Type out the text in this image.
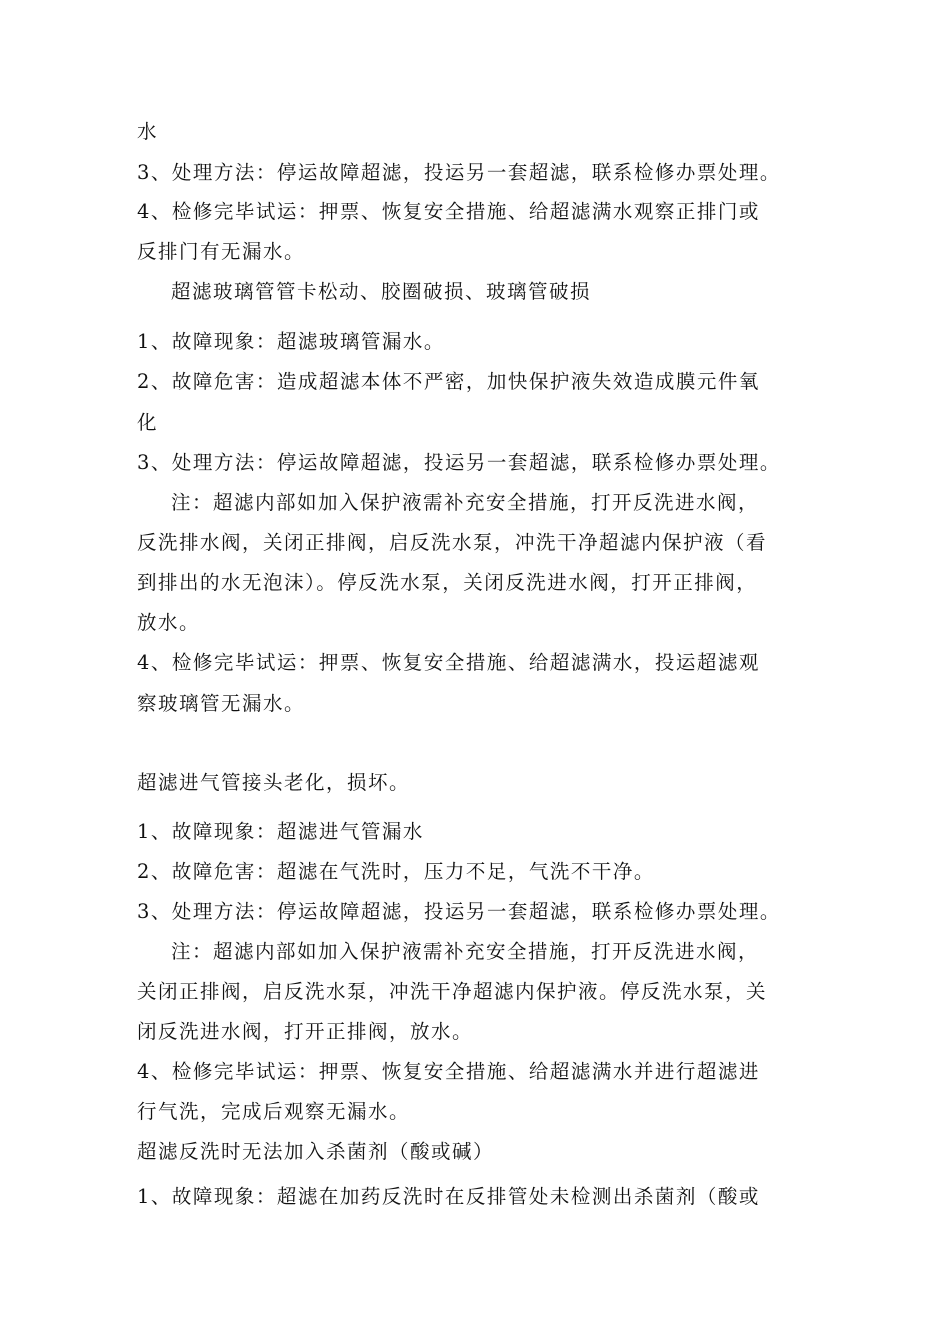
水

3、处理方法：停运故障超滤，投运另一套超滤，联系检修办票处理。

4、检修完毕试运：押票、恢复安全措施、给超滤满水观察正排门或

反排门有无漏水。

超滤玻璃管管卡松动、胶圈破损、玻璃管破损

1、故障现象：超滤玻璃管漏水。

2、故障危害：造成超滤本体不严密，加快保护液失效造成膜元件氧

化

3、处理方法：停运故障超滤，投运另一套超滤，联系检修办票处理。

注：超滤内部如加入保护液需补充安全措施，打开反洗进水阀，

反洗排水阀，关闭正排阀，启反洗水泵，冲洗干净超滤内保护液（看

到排出的水无泡沫）。停反洗水泵，关闭反洗进水阀，打开正排阀，

放水。

4、检修完毕试运：押票、恢复安全措施、给超滤满水，投运超滤观

察玻璃管无漏水。

超滤进气管接头老化，损坏。

1、故障现象：超滤进气管漏水

2、故障危害：超滤在气洗时，压力不足，气洗不干净。

3、处理方法：停运故障超滤，投运另一套超滤，联系检修办票处理。

注：超滤内部如加入保护液需补充安全措施，打开反洗进水阀，

关闭正排阀，启反洗水泵，冲洗干净超滤内保护液。停反洗水泵，关

闭反洗进水阀，打开正排阀，放水。

4、检修完毕试运：押票、恢复安全措施、给超滤满水并进行超滤进

行气洗，完成后观察无漏水。

超滤反洗时无法加入杀菌剂（酸或碱）

1、故障现象：超滤在加药反洗时在反排管处未检测出杀菌剂（酸或
